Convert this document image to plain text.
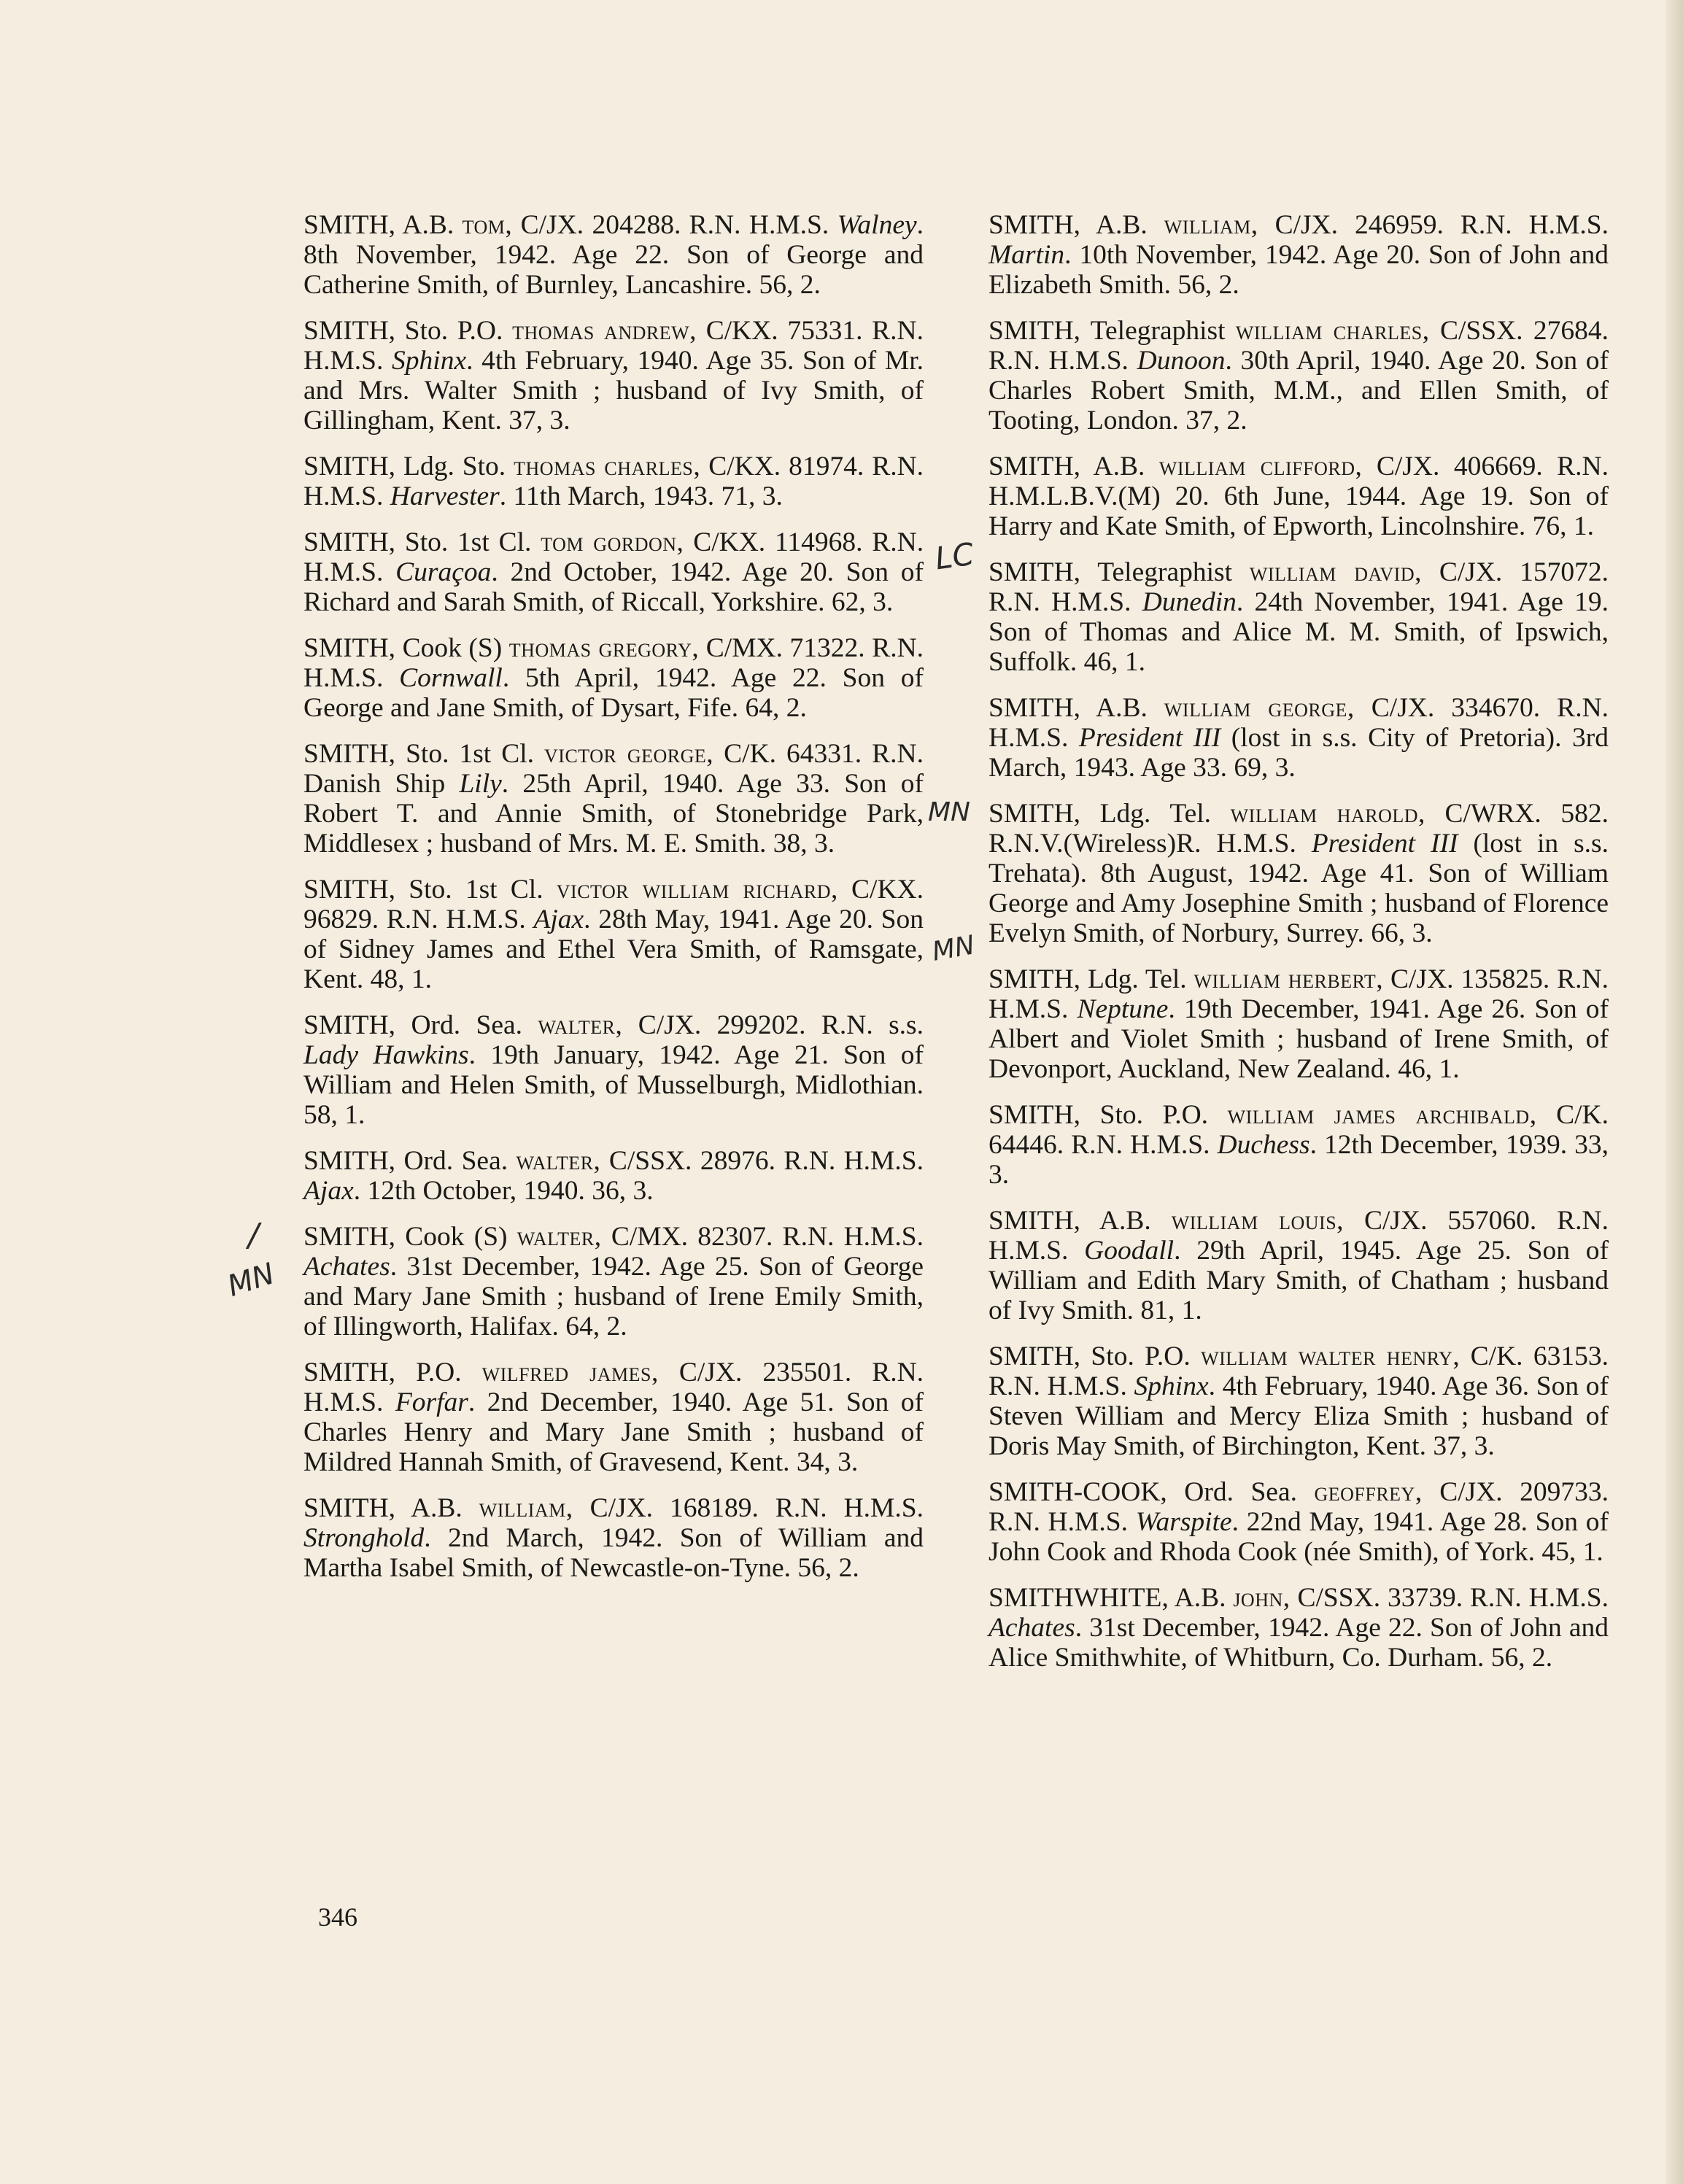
SMITH, A.B. tom, C/JX. 204288. R.N. H.M.S. Walney. 8th November, 1942. Age 22. Son of George and Catherine Smith, of Burnley, Lancashire. 56, 2.

SMITH, Sto. P.O. thomas andrew, C/KX. 75331. R.N. H.M.S. Sphinx. 4th February, 1940. Age 35. Son of Mr. and Mrs. Walter Smith ; husband of Ivy Smith, of Gillingham, Kent. 37, 3.

SMITH, Ldg. Sto. thomas charles, C/KX. 81974. R.N. H.M.S. Harvester. 11th March, 1943. 71, 3.

SMITH, Sto. 1st Cl. tom gordon, C/KX. 114968. R.N. H.M.S. Curaçoa. 2nd October, 1942. Age 20. Son of Richard and Sarah Smith, of Riccall, Yorkshire. 62, 3.

SMITH, Cook (S) thomas gregory, C/MX. 71322. R.N. H.M.S. Cornwall. 5th April, 1942. Age 22. Son of George and Jane Smith, of Dysart, Fife. 64, 2.

SMITH, Sto. 1st Cl. victor george, C/K. 64331. R.N. Danish Ship Lily. 25th April, 1940. Age 33. Son of Robert T. and Annie Smith, of Stonebridge Park, Middlesex ; husband of Mrs. M. E. Smith. 38, 3.

SMITH, Sto. 1st Cl. victor william richard, C/KX. 96829. R.N. H.M.S. Ajax. 28th May, 1941. Age 20. Son of Sidney James and Ethel Vera Smith, of Ramsgate, Kent. 48, 1.

SMITH, Ord. Sea. walter, C/JX. 299202. R.N. s.s. Lady Hawkins. 19th January, 1942. Age 21. Son of William and Helen Smith, of Musselburgh, Midlothian. 58, 1.

SMITH, Ord. Sea. walter, C/SSX. 28976. R.N. H.M.S. Ajax. 12th October, 1940. 36, 3.

SMITH, Cook (S) walter, C/MX. 82307. R.N. H.M.S. Achates. 31st December, 1942. Age 25. Son of George and Mary Jane Smith ; husband of Irene Emily Smith, of Illingworth, Halifax. 64, 2.

SMITH, P.O. wilfred james, C/JX. 235501. R.N. H.M.S. Forfar. 2nd December, 1940. Age 51. Son of Charles Henry and Mary Jane Smith ; husband of Mildred Hannah Smith, of Gravesend, Kent. 34, 3.

SMITH, A.B. william, C/JX. 168189. R.N. H.M.S. Stronghold. 2nd March, 1942. Son of William and Martha Isabel Smith, of Newcastle-on-Tyne. 56, 2.

SMITH, A.B. william, C/JX. 246959. R.N. H.M.S. Martin. 10th November, 1942. Age 20. Son of John and Elizabeth Smith. 56, 2.

SMITH, Telegraphist william charles, C/SSX. 27684. R.N. H.M.S. Dunoon. 30th April, 1940. Age 20. Son of Charles Robert Smith, M.M., and Ellen Smith, of Tooting, London. 37, 2.

SMITH, A.B. william clifford, C/JX. 406669. R.N. H.M.L.B.V.(M) 20. 6th June, 1944. Age 19. Son of Harry and Kate Smith, of Epworth, Lincolnshire. 76, 1.

SMITH, Telegraphist william david, C/JX. 157072. R.N. H.M.S. Dunedin. 24th November, 1941. Age 19. Son of Thomas and Alice M. M. Smith, of Ipswich, Suffolk. 46, 1.

SMITH, A.B. william george, C/JX. 334670. R.N. H.M.S. President III (lost in s.s. City of Pretoria). 3rd March, 1943. Age 33. 69, 3.

SMITH, Ldg. Tel. william harold, C/WRX. 582. R.N.V.(Wireless)R. H.M.S. President III (lost in s.s. Trehata). 8th August, 1942. Age 41. Son of William George and Amy Josephine Smith ; husband of Florence Evelyn Smith, of Norbury, Surrey. 66, 3.

SMITH, Ldg. Tel. william herbert, C/JX. 135825. R.N. H.M.S. Neptune. 19th December, 1941. Age 26. Son of Albert and Violet Smith ; husband of Irene Smith, of Devonport, Auckland, New Zealand. 46, 1.

SMITH, Sto. P.O. william james archibald, C/K. 64446. R.N. H.M.S. Duchess. 12th December, 1939. 33, 3.

SMITH, A.B. william louis, C/JX. 557060. R.N. H.M.S. Goodall. 29th April, 1945. Age 25. Son of William and Edith Mary Smith, of Chatham ; husband of Ivy Smith. 81, 1.

SMITH, Sto. P.O. william walter henry, C/K. 63153. R.N. H.M.S. Sphinx. 4th February, 1940. Age 36. Son of Steven William and Mercy Eliza Smith ; husband of Doris May Smith, of Birchington, Kent. 37, 3.

SMITH-COOK, Ord. Sea. geoffrey, C/JX. 209733. R.N. H.M.S. Warspite. 22nd May, 1941. Age 28. Son of John Cook and Rhoda Cook (née Smith), of York. 45, 1.

SMITHWHITE, A.B. john, C/SSX. 33739. R.N. H.M.S. Achates. 31st December, 1942. Age 22. Son of John and Alice Smithwhite, of Whitburn, Co. Durham. 56, 2.

346
LC
MN
MN
MN
/
